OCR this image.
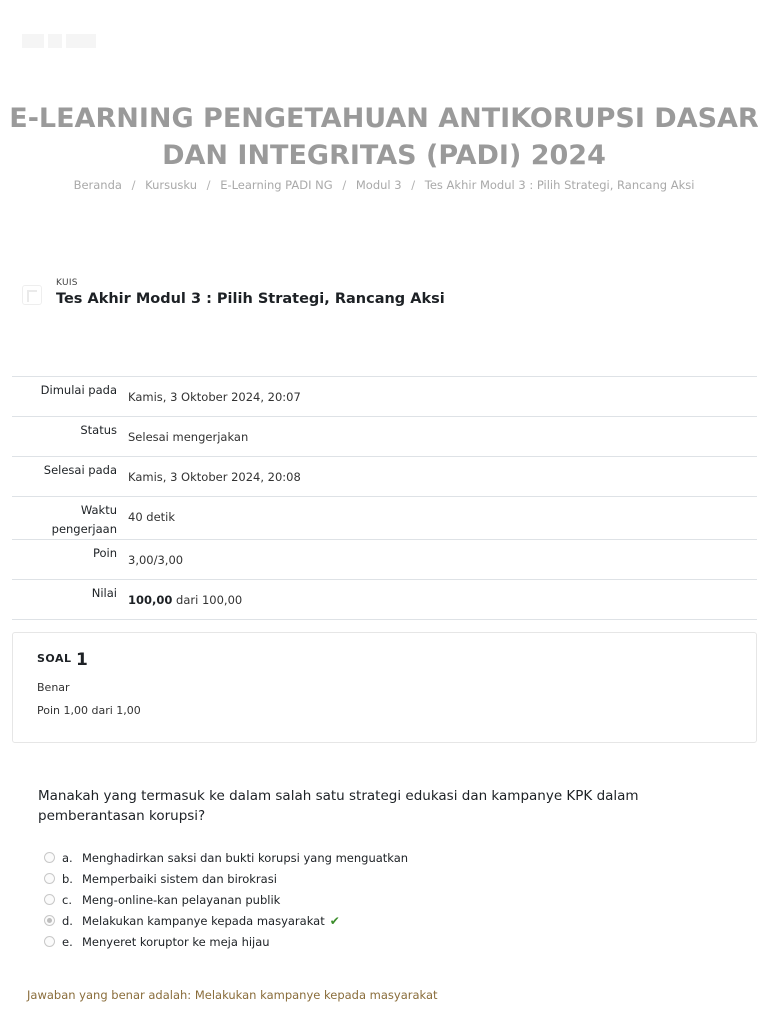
E-LEARNING PENGETAHUAN ANTIKORUPSI DASAR DAN INTEGRITAS (PADI) 2024
Beranda / Kursusku / E-Learning PADI NG / Modul 3 / Tes Akhir Modul 3 : Pilih Strategi, Rancang Aksi
KUIS
Tes Akhir Modul 3 : Pilih Strategi, Rancang Aksi
Dimulai pada	Kamis, 3 Oktober 2024, 20:07
Status	Selesai mengerjakan
Selesai pada	Kamis, 3 Oktober 2024, 20:08
Waktu pengerjaan	40 detik
Poin	3,00/3,00
Nilai	100,00 dari 100,00
SOAL 1
Benar
Poin 1,00 dari 1,00
Manakah yang termasuk ke dalam salah satu strategi edukasi dan kampanye KPK dalam pemberantasan korupsi?
a. Menghadirkan saksi dan bukti korupsi yang menguatkan
b. Memperbaiki sistem dan birokrasi
c. Meng-online-kan pelayanan publik
d. Melakukan kampanye kepada masyarakat ✔
e. Menyeret koruptor ke meja hijau
Jawaban yang benar adalah: Melakukan kampanye kepada masyarakat
